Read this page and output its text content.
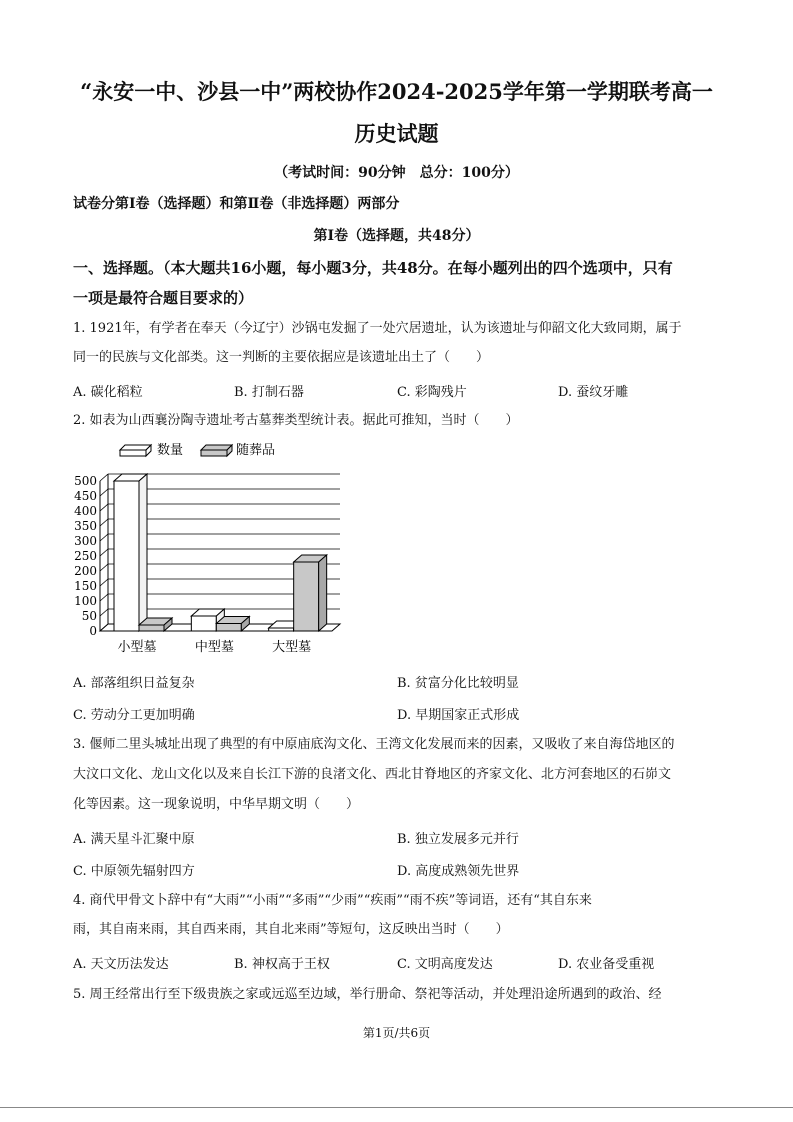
“永安一中、沙县一中”两校协作2024-2025学年第一学期联考高一
历史试题
（考试时间：90分钟　总分：100分）
试卷分第Ⅰ卷（选择题）和第Ⅱ卷（非选择题）两部分
第Ⅰ卷（选择题，共48分）
一、选择题。（本大题共16小题，每小题3分，共48分。在每小题列出的四个选项中，只有
一项是最符合题目要求的）
1. 1921年，有学者在奉天（今辽宁）沙锅屯发掘了一处穴居遗址，认为该遗址与仰韶文化大致同期，属于
同一的民族与文化部类。这一判断的主要依据应是该遗址出土了（　　）
A. 碳化稻粒	B. 打制石器	C. 彩陶残片	D. 蚕纹牙雕
2. 如表为山西襄汾陶寺遗址考古墓葬类型统计表。据此可推知，当时（　　）
数量	随葬品
0
50
100
150
200
250
300
350
400
450
500
小型墓	中型墓	大型墓
A. 部落组织日益复杂	B. 贫富分化比较明显
C. 劳动分工更加明确	D. 早期国家正式形成
3. 偃师二里头城址出现了典型的有中原庙底沟文化、王湾文化发展而来的因素，又吸收了来自海岱地区的
大汶口文化、龙山文化以及来自长江下游的良渚文化、西北甘脊地区的齐家文化、北方河套地区的石峁文
化等因素。这一现象说明，中华早期文明（　　）
A. 满天星斗汇聚中原	B. 独立发展多元并行
C. 中原领先辐射四方	D. 高度成熟领先世界
4. 商代甲骨文卜辞中有“大雨”“小雨”“多雨”“少雨”“疾雨”“雨不疾”等词语，还有“其自东来
雨，其自南来雨，其自西来雨，其自北来雨”等短句，这反映出当时（　　）
A. 天文历法发达	B. 神权高于王权	C. 文明高度发达	D. 农业备受重视
5. 周王经常出行至下级贵族之家或远巡至边域，举行册命、祭祀等活动，并处理沿途所遇到的政治、经
第1页/共6页
